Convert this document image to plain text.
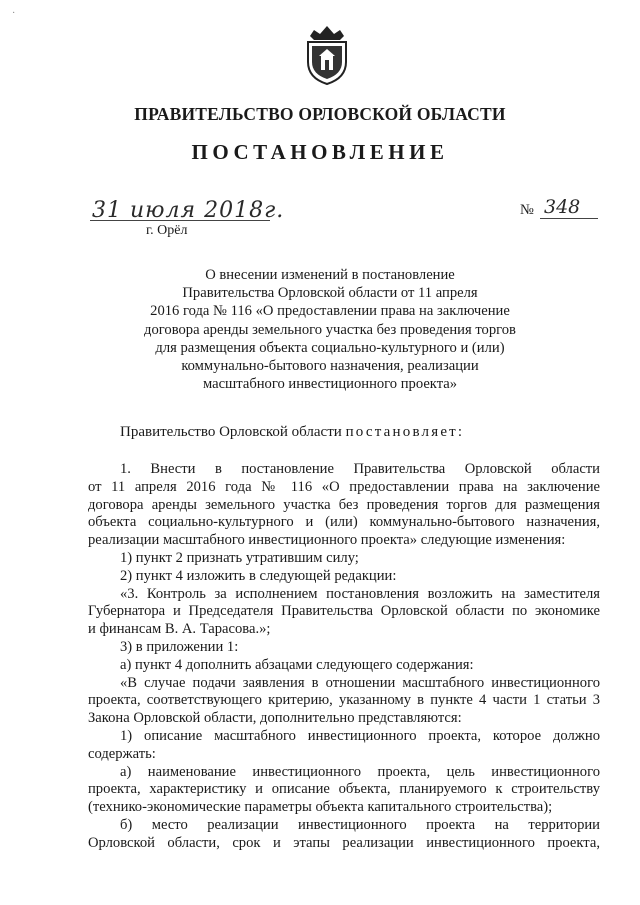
·
ПРАВИТЕЛЬСТВО ОРЛОВСКОЙ ОБЛАСТИ
ПОСТАНОВЛЕНИЕ
31 июля 2018г.
г. Орёл
№ 348
О внесении изменений в постановление
Правительства Орловской области от 11 апреля
2016 года № 116 «О предоставлении права на заключение
договора аренды земельного участка без проведения торгов
для размещения объекта социально-культурного и (или)
коммунально-бытового назначения, реализации
масштабного инвестиционного проекта»
Правительство Орловской области постановляет:
1. Внести в постановление Правительства Орловской области
от 11 апреля 2016 года № 116 «О предоставлении права на заключение
договора аренды земельного участка без проведения торгов для размещения
объекта социально-культурного и (или) коммунально-бытового назначения,
реализации масштабного инвестиционного проекта» следующие изменения:
1) пункт 2 признать утратившим силу;
2) пункт 4 изложить в следующей редакции:
«3. Контроль за исполнением постановления возложить на заместителя
Губернатора и Председателя Правительства Орловской области по экономике
и финансам В. А. Тарасова.»;
3) в приложении 1:
а) пункт 4 дополнить абзацами следующего содержания:
«В случае подачи заявления в отношении масштабного инвестиционного
проекта, соответствующего критерию, указанному в пункте 4 части 1 статьи 3
Закона Орловской области, дополнительно представляются:
1) описание масштабного инвестиционного проекта, которое должно
содержать:
а) наименование инвестиционного проекта, цель инвестиционного
проекта, характеристику и описание объекта, планируемого к строительству
(технико-экономические параметры объекта капитального строительства);
б) место реализации инвестиционного проекта на территории
Орловской области, срок и этапы реализации инвестиционного проекта,
